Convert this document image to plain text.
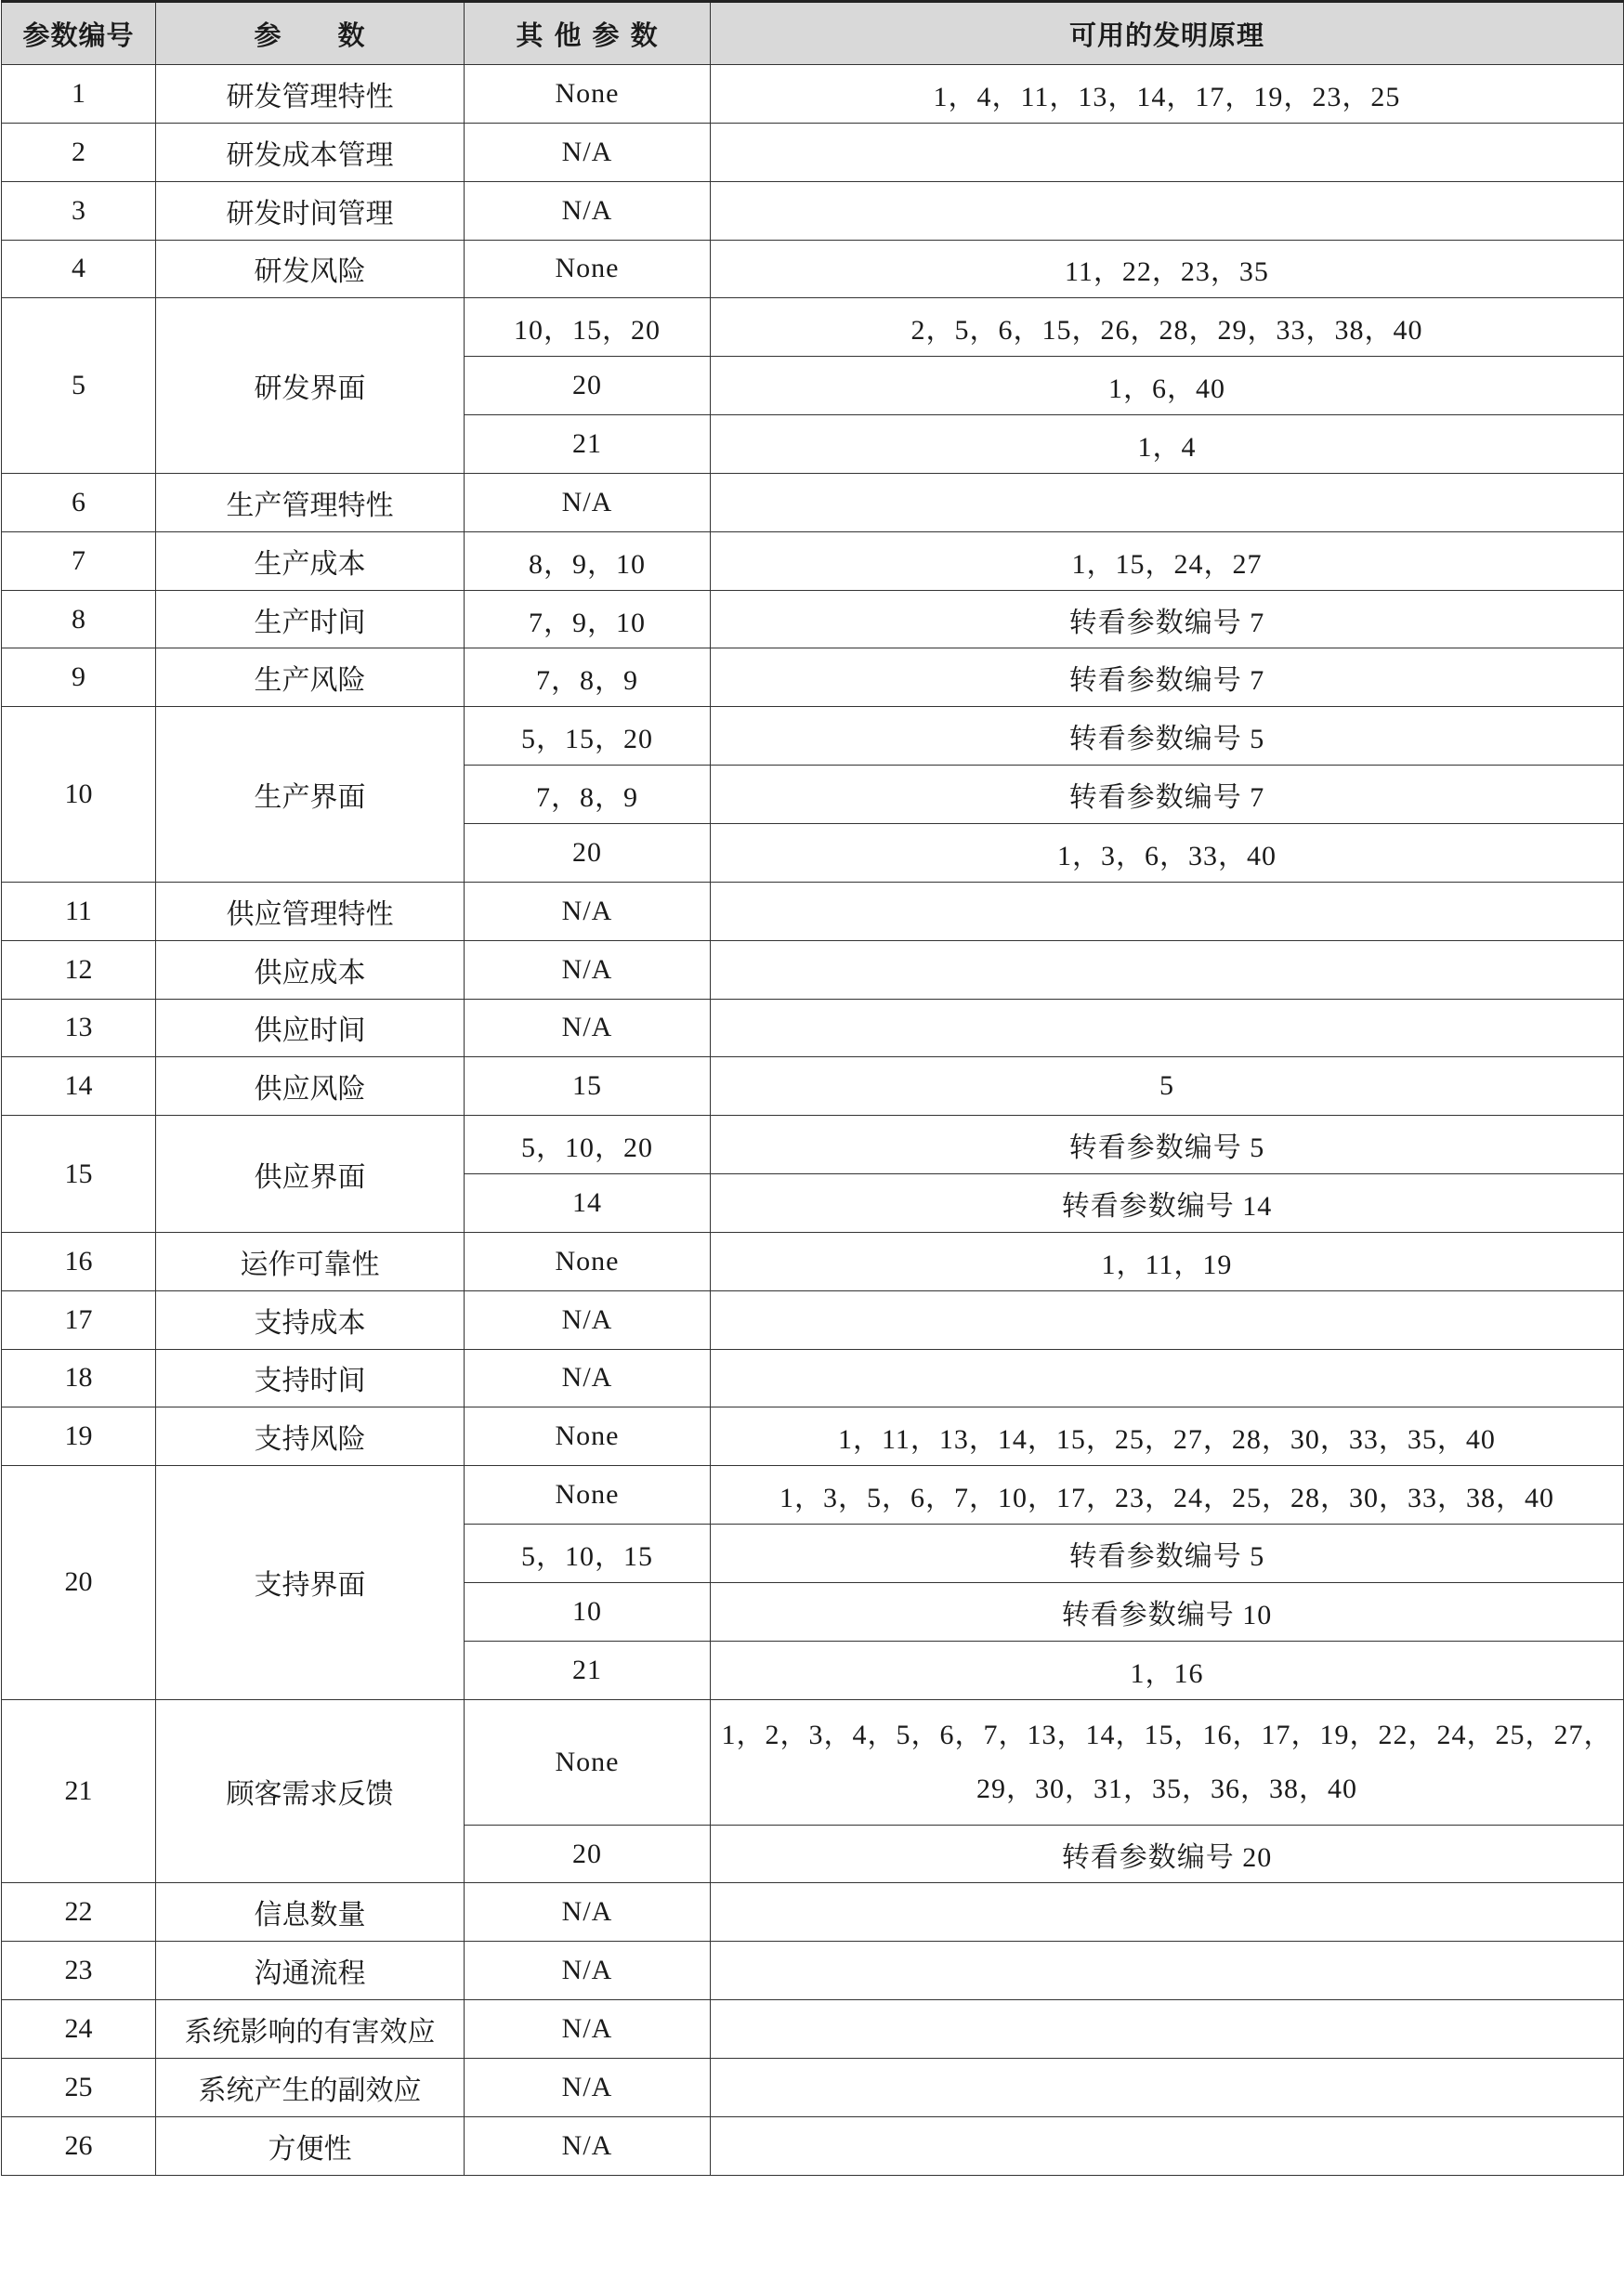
参数编号	参　　数	其 他 参 数	可用的发明原理
1	研发管理特性	None	1，4，11，13，14，17，19，23，25
2	研发成本管理	N/A	
3	研发时间管理	N/A	
4	研发风险	None	11，22，23，35
5	研发界面	10，15，20	2，5，6，15，26，28，29，33，38，40
		20	1，6，40
		21	1，4
6	生产管理特性	N/A	
7	生产成本	8，9，10	1，15，24，27
8	生产时间	7，9，10	转看参数编号 7
9	生产风险	7，8，9	转看参数编号 7
10	生产界面	5，15，20	转看参数编号 5
		7，8，9	转看参数编号 7
		20	1，3，6，33，40
11	供应管理特性	N/A	
12	供应成本	N/A	
13	供应时间	N/A	
14	供应风险	15	5
15	供应界面	5，10，20	转看参数编号 5
		14	转看参数编号 14
16	运作可靠性	None	1，11，19
17	支持成本	N/A	
18	支持时间	N/A	
19	支持风险	None	1，11，13，14，15，25，27，28，30，33，35，40
20	支持界面	None	1，3，5，6，7，10，17，23，24，25，28，30，33，38，40
		5，10，15	转看参数编号 5
		10	转看参数编号 10
		21	1，16
21	顾客需求反馈	None	1，2，3，4，5，6，7，13，14，15，16，17，19，22，24，25，27，29，30，31，35，36，38，40
		20	转看参数编号 20
22	信息数量	N/A	
23	沟通流程	N/A	
24	系统影响的有害效应	N/A	
25	系统产生的副效应	N/A	
26	方便性	N/A	
